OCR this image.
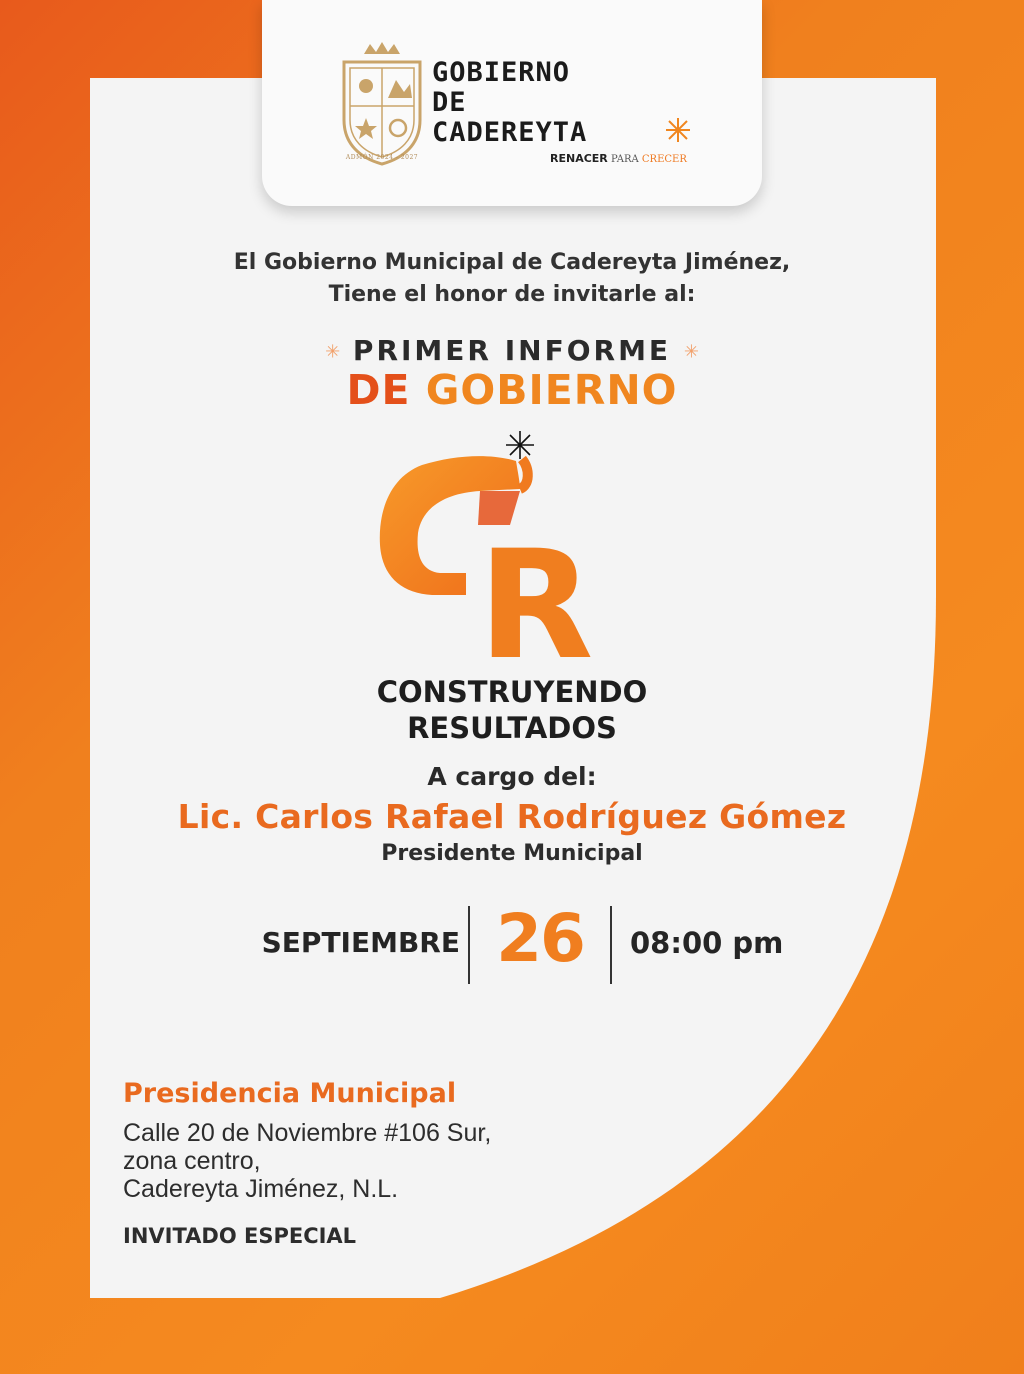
ADMÓN 2024 - 2027
GOBIERNO
DE
CADEREYTA
RENACER PARA CRECER
El Gobierno Municipal de Cadereyta Jiménez,
Tiene el honor de invitarle al:
✳ PRIMER INFORME ✳
DE GOBIERNO
R
CONSTRUYENDO
RESULTADOS
A cargo del:
Lic. Carlos Rafael Rodríguez Gómez
Presidente Municipal
SEPTIEMBRE 26	08:00 pm
Presidencia Municipal
Calle 20 de Noviembre #106 Sur,
zona centro,
Cadereyta Jiménez, N.L.
INVITADO ESPECIAL
